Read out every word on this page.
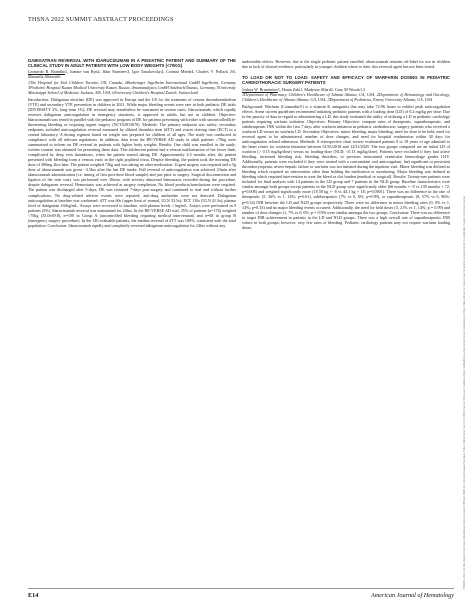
THSNA 2022 SUMMIT ABSTRACT PROCEEDINGS
DABIGATRAN REVERSAL WITH IDARUCIZUMAB IN A PEDIATRIC PATIENT AND SUMMARY OF THE CLINICAL STUDY IN ADULT PATIENTS WITH LOW BODY WEIGHTS (<70KG)
Leonardo R. Brandão1, Joanne van Ryn2, Ildar Nurmeev3, Igor Tartakovsky4, Corinna Miede4, Charles V. Pollack Jr5, Manuella Albisetti6
1The Hospital for Sick Children Toronto, ON, Canada, 2Boehringer Ingelheim International GmbH Ingelheim, Germany 3Pediatric Hospital Kazan Medical University Kazan, Russia, 4mainanalytics GmbH Sulzbach/Taunus, Germany, 5University Mississippi School of Medicine Jackson, MS, USA, 6University Children's Hospital Zurich, Switzerland
Introduction: Dabigatran etexilate (DE) was approved in Europe and the US for the treatment of venous thromboembolism (VTE) and secondary VTE prevention in children in 2021. While major bleeding events were rare in both pediatric DE trials (DIVERSITY 2%, long-term 1%), DE reversal may nonetheless be warranted in certain cases. Idarucizumab, which rapidly reverses dabigatran anticoagulation in emergency situations, is approved in adults, but not in children. Objective: Idarucizumab was tested in parallel with the pediatric program of DE for patients presenting with either with uncontrolled/life-threatening bleeding or requiring urgent surgery (NCT02815670). Methods: The primary endpoint was safety; secondary endpoints included anticoagulation reversal measured by diluted thrombin time (dTT) and ecarin clotting time (ECT) in a central laboratory. A dosing regimen based on weight was prepared for children of all ages. The study was conducted in compliance with all relevant regulations. In addition, data from the RE-VERSE AD study in adult patients <70kg were summarized to inform on DE reversal in patients with lighter body weights. Results: One child was enrolled in the study; written consent was obtained for presenting these data. This adolescent patient had a venous malformation of her lower limb, complicated by deep vein thrombosis, when the patient started taking DE. Approximately 4.5 months after, the patient presented with bleeding from a venous varix in the right popliteal fossa. Despite bleeding, the patient took the morning DE dose of 300mg 2hrs later. The patient weighed 72kg and was taking no other medication. Urgent surgery was required and a 5g dose of idarucizumab was given ~3.5hrs after the last DE intake. Full reversal of anticoagulation was achieved 23min after idarucizumab administration (i.e. timing of first post-dose blood sample) and just prior to surgery. Surgical disconnection and ligation of the vein varix was performed over 30min, with severity abnormal hemostasis recorded during the procedure, despite dabigatran reversal. Hemostasis was achieved at surgery completion. No blood products/transfusions were required. The patient was discharged after 5-days; DE was restarted 7-days post-surgery and continued to trial end without further complications. No drug-related adverse events were reported; anti-drug antibodies were not detected. Dabigatran anticoagulation at baseline was confirmed: dTT was 60s (upper limit of normal, ULN 33.5s); ECT 110s (ULN 41.3s); plasma level of dabigatran 160ng/mL. Assays were recovered to baseline, with plasma levels <1ng/mL. Assays were performed in 9 patients (2%). Idarucizumab reversal was maintained for 24hrs. In the RE-VERSE AD trial, 35% of patients (n=176) weighed <70kg (35.0±69.8), n=108 in Group A (uncontrolled bleeding requiring medical intervention) and n=68 in group B (emergency surgery procedure). In the 140 evaluable patients, the median reversal of dTT was 100%, consistent with the total population. Conclusion: Idarucizumab rapidly and completely reversed dabigatran anticoagulation for 24hrs without any
undesirable effects. However, due to the single pediatric patient enrolled, idarucizumab remains off-label for use in children due to lack of clinical evidence, particularly in younger children where to date, this reversal agent has not been tested.
TO LOAD OR NOT TO LOAD: SAFETY AND EFFICACY OF WARFARIN DOSING IN PEDIATRIC CARDIOTHORACIC SURGERY PATIENTS
Joshua W. Brunstetter1, Hania Zaki1, Madyson Allard2, Gary M Woods1,3
1Department of Pharmacy, Children's Healthcare of Atlanta Atlanta, GA, USA, 2Department of Hematology and Oncology, Children's Healthcare of Atlanta Atlanta, GA, USA, 3Department of Pediatrics, Emory University Atlanta, GA, USA
Background: Warfarin (Coumadin®) is a vitamin K antagonist that may take 72-96 hours to exhibit peak anticoagulation effects. Some current guidelines recommend initiating pediatric patients with a loading dose (LD) of 0.2 mg/kg per dose. Due to the paucity of data in regard to administering a LD, this study evaluated the utility of utilizing a LD in pediatric cardiology patients requiring warfarin initiation. Objectives: Primary Objective: compare rates of therapeutic, supratherapeutic, and subtherapeutic INR within the first 7 days after warfarin initiation in pediatric cardiothoracic surgery patients who received a warfarin LD versus no warfarin LD. Secondary Objectives: minor bleeding, major bleeding, need for dose to be held, need for reversal agent to be administered, number of dose changes, and need for hospital readmission within 30 days for anticoagulation related admission. Methods: A retrospective chart review evaluated patients 0 to 18 years of age admitted to the heart center for warfarin initiation between 01/01/2018 and 12/31/2020. The two groups compared are an initial LD of warfarin (> 0.15 mg/kg/dose) versus no loading-dose (NLD; <0.15 mg/kg/dose). Patients were excluded if they had active bleeding, increased bleeding risk, bleeding disorders, or previous intracranial ventricular hemorrhage grades II-IV. Additionally, patients were excluded if they were treated with a concomitant oral anticoagulant, had significant or persistent thrombocytopenia, severe hepatic failure or warfarin was not initiated during the inpatient visit. Minor bleeding was defined as bleeding which required no intervention other than holding the medication or monitoring. Major bleeding was defined as bleeding which required intervention to treat the bleed or clot burden (medical or surgical). Results: Twenty-one patients were included for final analysis with 14 patients in the LD group and 7 patients in the NLD group. Baseline characteristics were similar amongst both groups except patients in the NLD group were significantly older (66 months +- 8 vs 139 months + 72; p=0.008) and weighed significantly more (18.58 kg +- 8 vs 44.1 kg + 18; p=0.0001). There was no difference in the rate of therapeutic (5, 36% vs 1, 14%; p=0.61), subtherapeutic (7% vs 0, 0%; p=0.99), or supratherapeutic (8, 57% vs 6, 86%; p=0.34) INR between the LD and NLD groups respectively. There were no difference in minor bleeding rates (0, 0% vs 1, 14%; p=0.33) and no major bleeding events occurred. Additionally, the need for held doses (3, 21% vs 1, 14%; p = 0.99) and number of dose changes (1, 7% vs 0, 0%; p = 0.99) were similar amongst the two groups. Conclusion: There was no difference in target INR achievement in patients in the LD and NLD groups. There was a high overall rate of supratherapeutic INR values in both groups; however, very few rates of bleeding. Pediatric cardiology patients may not require warfarin loading doses.	15968652, 2022, S3, Downloaded from https://onlinelibrary.wiley.com/doi/10.1002/ajh.26684 by Cochrane Russian Federation, Wiley Online Library on [12/12/2022]. See the Terms and Conditions (https://onlinelibrary.wiley.com/terms-and-conditions) on Wiley Online Library for rules of use; OA articles are governed by the applicable Creative Commons License
E14	American Journal of Hematology
